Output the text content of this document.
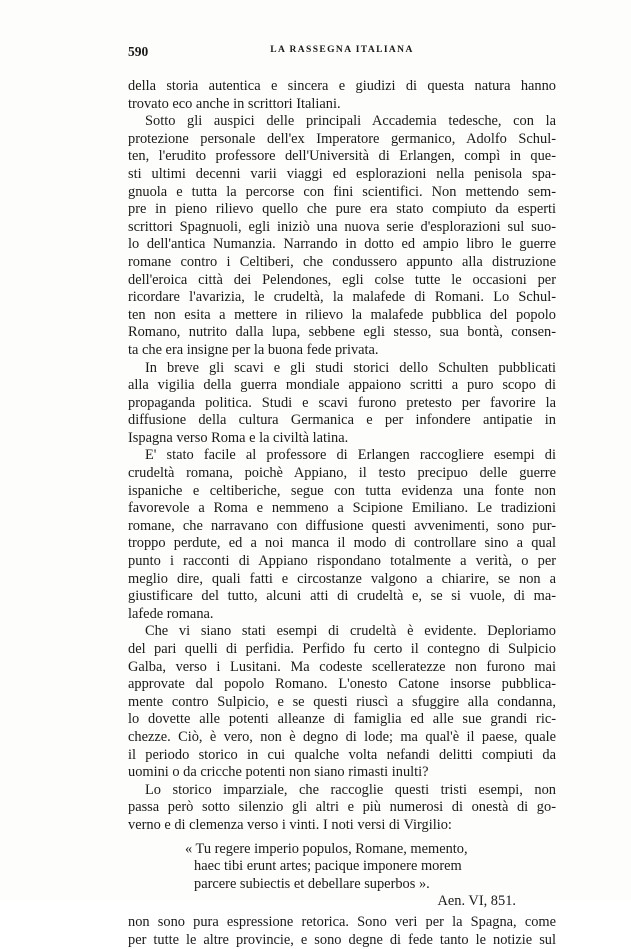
590	LA RASSEGNA ITALIANA
della storia autentica e sincera e giudizi di questa natura hanno
trovato eco anche in scrittori Italiani.
Sotto gli auspici delle principali Accademia tedesche, con la
protezione personale dell'ex Imperatore germanico, Adolfo Schul-
ten, l'erudito professore dell'Università di Erlangen, compì in que-
sti ultimi decenni varii viaggi ed esplorazioni nella penisola spa-
gnuola e tutta la percorse con fini scientifici. Non mettendo sem-
pre in pieno rilievo quello che pure era stato compiuto da esperti
scrittori Spagnuoli, egli iniziò una nuova serie d'esplorazioni sul suo-
lo dell'antica Numanzia. Narrando in dotto ed ampio libro le guerre
romane contro i Celtiberi, che condussero appunto alla distruzione
dell'eroica città dei Pelendones, egli colse tutte le occasioni per
ricordare l'avarizia, le crudeltà, la malafede di Romani. Lo Schul-
ten non esita a mettere in rilievo la malafede pubblica del popolo
Romano, nutrito dalla lupa, sebbene egli stesso, sua bontà, consen-
ta che era insigne per la buona fede privata.
In breve gli scavi e gli studi storici dello Schulten pubblicati
alla vigilia della guerra mondiale appaiono scritti a puro scopo di
propaganda politica. Studi e scavi furono pretesto per favorire la
diffusione della cultura Germanica e per infondere antipatie in
Ispagna verso Roma e la civiltà latina.
E' stato facile al professore di Erlangen raccogliere esempi di
crudeltà romana, poichè Appiano, il testo precipuo delle guerre
ispaniche e celtiberiche, segue con tutta evidenza una fonte non
favorevole a Roma e nemmeno a Scipione Emiliano. Le tradizioni
romane, che narravano con diffusione questi avvenimenti, sono pur-
troppo perdute, ed a noi manca il modo di controllare sino a qual
punto i racconti di Appiano rispondano totalmente a verità, o per
meglio dire, quali fatti e circostanze valgono a chiarire, se non a
giustificare del tutto, alcuni atti di crudeltà e, se si vuole, di ma-
lafede romana.
Che vi siano stati esempi di crudeltà è evidente. Deploriamo
del pari quelli di perfidia. Perfido fu certo il contegno di Sulpicio
Galba, verso i Lusitani. Ma codeste scelleratezze non furono mai
approvate dal popolo Romano. L'onesto Catone insorse pubblica-
mente contro Sulpicio, e se questi riuscì a sfuggire alla condanna,
lo dovette alle potenti alleanze di famiglia ed alle sue grandi ric-
chezze. Ciò, è vero, non è degno di lode; ma qual'è il paese, quale
il periodo storico in cui qualche volta nefandi delitti compiuti da
uomini o da cricche potenti non siano rimasti inulti?
Lo storico imparziale, che raccoglie questi tristi esempi, non
passa però sotto silenzio gli altri e più numerosi di onestà di go-
verno e di clemenza verso i vinti. I noti versi di Virgilio:
« Tu regere imperio populos, Romane, memento,
haec tibi erunt artes; pacique imponere morem
parcere subiectis et debellare superbos ».
Aen. VI, 851.
non sono pura espressione retorica. Sono veri per la Spagna, come
per tutte le altre provincie, e sono degne di fede tanto le notizie sul
